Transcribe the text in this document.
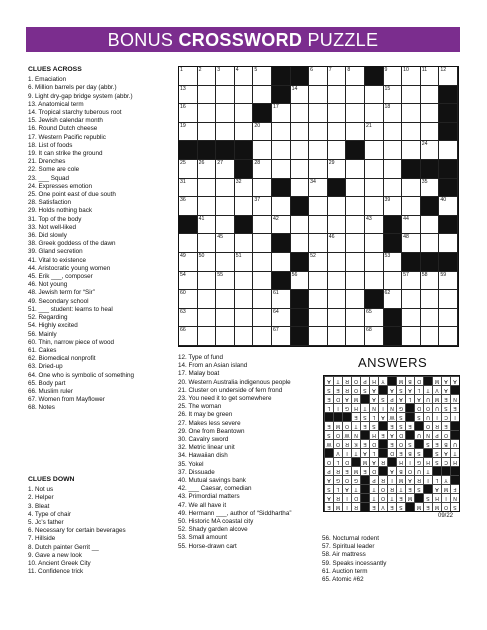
BONUS CROSSWORD PUZZLE
CLUES ACROSS
1. Emaciation
6. Million barrels per day (abbr.)
9. Light dry-gap bridge system (abbr.)
13. Anatomical term
14. Tropical starchy tuberous root
15. Jewish calendar month
16. Round Dutch cheese
17. Western Pacific republic
18. List of foods
19. It can strike the ground
21. Drenches
22. Some are cole
23. ___ Squad
24. Expresses emotion
25. One point east of due south
28. Satisfaction
29. Holds nothing back
31. Top of the body
33. Not well-liked
36. Did slowly
38. Greek goddess of the dawn
39. Gland secretion
41. Vital to existence
44. Aristocratic young women
45. Erik ___, composer
46. Not young
48. Jewish term for “Sir”
49. Secondary school
51. ___ student: learns to heal
52. Regarding
54. Highly excited
56. Mainly
60. Thin, narrow piece of wood
61. Cakes
62. Biomedical nonprofit
63. Dried-up
64. One who is symbolic of something
65. Body part
66. Muslim ruler
67. Women from Mayflower
68. Notes
CLUES DOWN
1. Not us
2. Helper
3. Bleat
4. Type of chair
5. Jc’s father
6. Necessary for certain beverages
7. Hillside
8. Dutch painter Gerrit __
9. Gave a new look
10. Ancient Greek City
11. Confidence trick
12. Type of fund
14. From an Asian island
17. Malay boat
20. Western Australia indigenous people
21. Cluster on underside of fern frond
23. You need it to get somewhere
25. The woman
26. It may be green
27. Makes less severe
29. One from Beantown
30. Cavalry sword
32. Metric linear unit
34. Hawaiian dish
35. Yokel
37. Dissuade
40. Mutual savings bank
42. ___ Caesar, comedian
43. Primordial matters
47. We all have it
49. Hermann ___, author of “Siddhartha”
50. Historic MA coastal city
52. Shady garden alcove
53. Small amount
55. Horse-drawn cart
56. Nocturnal rodent
57. Spiritual leader
58. Air mattress
59. Speaks incessantly
61. Auction term
65. Atomic #62
1	2	3	4	5	6	7	8	9	10 11	12
13	14	15
16	17	18
19	20	21
24
25 26 27	28	29
31	32	34	35
36	37	39	40
41	42	43	44
45	46	48
49 50	51	52	53
54	55	56	57 58 59
60	61	62
63	64	65
66	67	68
ANSWERS
A	T	R	O	P	H	Y	M	B	D	M	A	A
S	E	R	O	S	A	A	S	A	L	T	V	A
E	D	A	M	A	S	P	A	L	A	U	M	E	N
L	I	G	H	T	N	I	N	G	D	O	U	S	E
E	S	L	A W S	S	U	I	C	I
E	M O	T	E	S	E	S	E	O	R	E
S	O W N	H	E	A	D	U	N	P	O
W O	R	K	E	D	E	O	S	S	E	B	U
V	I	T	A	L	D	E	B	S	S	A	T
O	L	D	M	A	R	H	I	G	H	S	C	H
P	R	E	M	E	D	A	B	O	U	T
A	G	O	G	P	R	I	M	A	R	I	L	Y
S	L	A	T	T	O	R	T	E	S	A	M	F
A	R	I	D	T	O	T	E	M	S	H	I	N
E	M	I	R	E	V	E	S	M	E	M O	S
09/22
